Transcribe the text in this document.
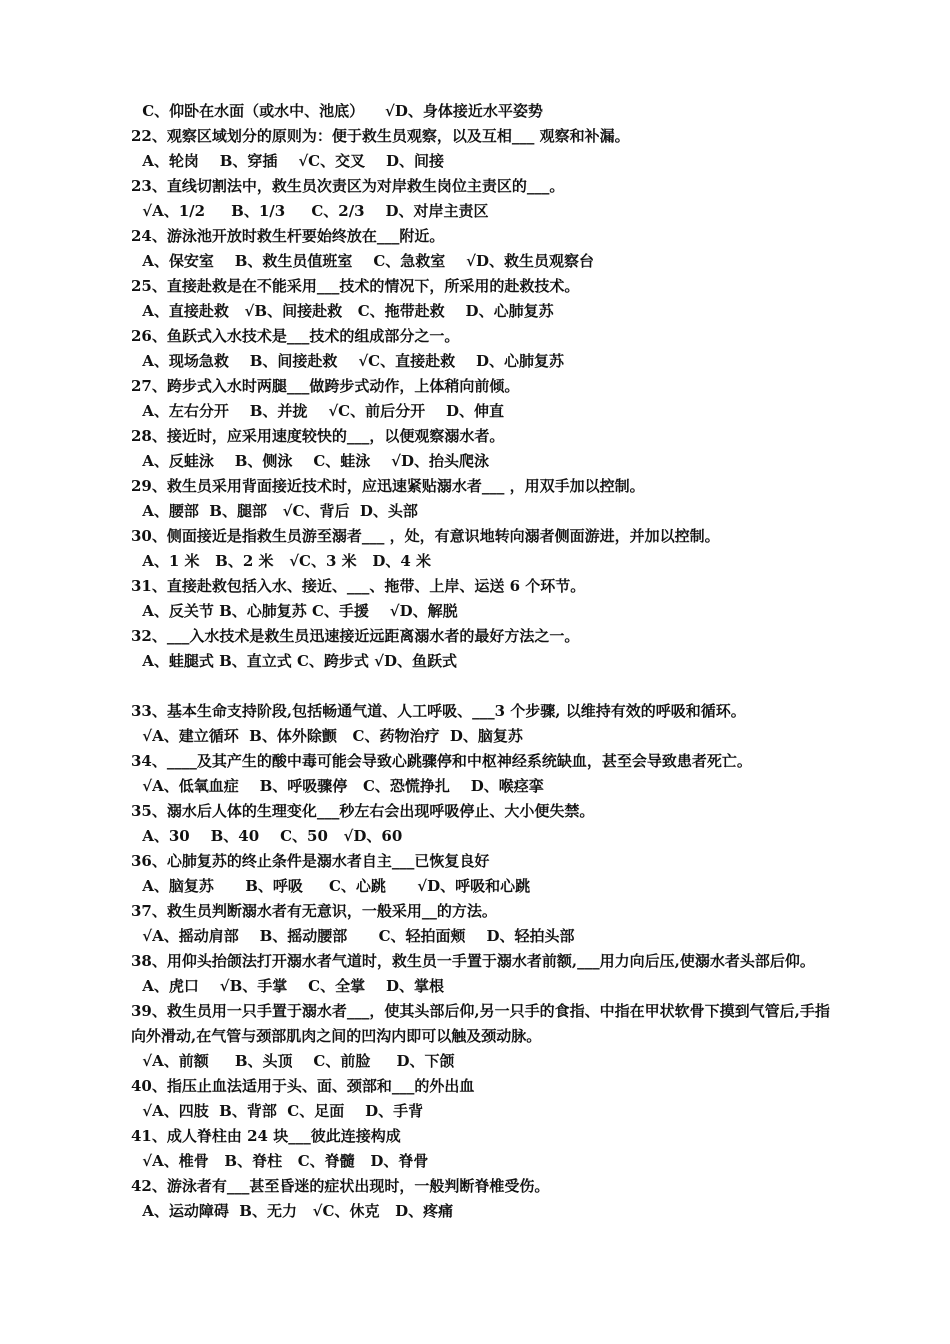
C、仰卧在水面（或水中、池底）    √D、身体接近水平姿势
22、观察区域划分的原则为：便于救生员观察，以及互相___ 观察和补漏。
A、轮岗    B、穿插    √C、交叉    D、间接
23、直线切割法中，救生员次责区为对岸救生岗位主责区的___。
√A、1/2     B、1/3     C、2/3    D、对岸主责区
24、游泳池开放时救生杆要始终放在___附近。
A、保安室    B、救生员值班室    C、急救室    √D、救生员观察台
25、直接赴救是在不能采用___技术的情况下，所采用的赴救技术。
A、直接赴救   √B、间接赴救   C、拖带赴救    D、心肺复苏
26、鱼跃式入水技术是___技术的组成部分之一。
A、现场急救    B、间接赴救    √C、直接赴救    D、心肺复苏
27、跨步式入水时两腿___做跨步式动作，上体稍向前倾。
A、左右分开    B、并拢    √C、前后分开    D、伸直
28、接近时，应采用速度较快的___，以便观察溺水者。
A、反蛙泳    B、侧泳    C、蛙泳    √D、抬头爬泳
29、救生员采用背面接近技术时，应迅速紧贴溺水者___ ，用双手加以控制。
A、腰部  B、腿部   √C、背后  D、头部
30、侧面接近是指救生员游至溺者___ ，处，有意识地转向溺者侧面游进，并加以控制。
A、1 米   B、2 米   √C、3 米   D、4 米
31、直接赴救包括入水、接近、___、拖带、上岸、运送 6 个环节。
A、反关节 B、心肺复苏 C、手援    √D、解脱
32、___入水技术是救生员迅速接近远距离溺水者的最好方法之一。
A、蛙腿式 B、直立式 C、跨步式 √D、鱼跃式
33、基本生命支持阶段,包括畅通气道、人工呼吸、___3 个步骤, 以维持有效的呼吸和循环。
√A、建立循环  B、体外除颤   C、药物治疗  D、脑复苏
34、____及其产生的酸中毒可能会导致心跳骤停和中枢神经系统缺血，甚至会导致患者死亡。
√A、低氧血症    B、呼吸骤停   C、恐慌挣扎    D、喉痉挛
35、溺水后人体的生理变化___秒左右会出现呼吸停止、大小便失禁。
A、30    B、40    C、50   √D、60
36、心肺复苏的终止条件是溺水者自主___已恢复良好
A、脑复苏      B、呼吸     C、心跳      √D、呼吸和心跳
37、救生员判断溺水者有无意识，一般采用__的方法。
√A、摇动肩部    B、摇动腰部      C、轻拍面颊    D、轻拍头部
38、用仰头抬颌法打开溺水者气道时，救生员一手置于溺水者前额,___用力向后压,使溺水者头部后仰。
A、虎口    √B、手掌    C、全掌    D、掌根
39、救生员用一只手置于溺水者___，使其头部后仰,另一只手的食指、中指在甲状软骨下摸到气管后,手指向外滑动,在气管与颈部肌肉之间的凹沟内即可以触及颈动脉。
√A、前额     B、头顶    C、前脸     D、下颌
40、指压止血法适用于头、面、颈部和___的外出血
√A、四肢  B、背部  C、足面    D、手背
41、成人脊柱由 24 块___彼此连接构成
√A、椎骨   B、脊柱   C、脊髓   D、脊骨
42、游泳者有___甚至昏迷的症状出现时，一般判断脊椎受伤。
A、运动障碍  B、无力   √C、休克   D、疼痛
